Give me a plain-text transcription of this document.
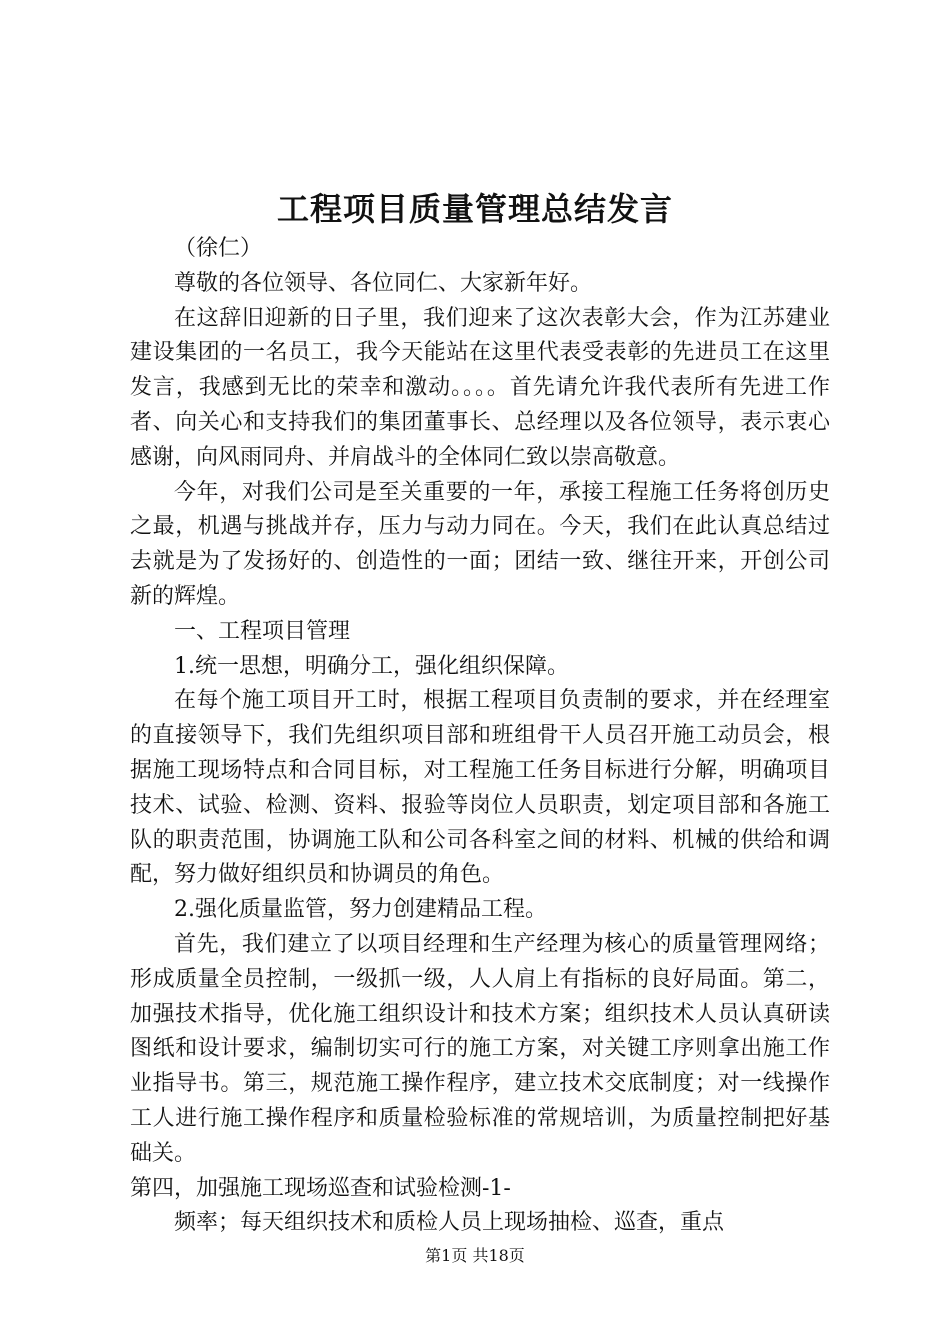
工程项目质量管理总结发言

（徐仁）

尊敬的各位领导、各位同仁、大家新年好。

在这辞旧迎新的日子里，我们迎来了这次表彰大会，作为江苏建业建设集团的一名员工，我今天能站在这里代表受表彰的先进员工在这里发言，我感到无比的荣幸和激动。。。。首先请允许我代表所有先进工作者、向关心和支持我们的集团董事长、总经理以及各位领导，表示衷心感谢，向风雨同舟、并肩战斗的全体同仁致以崇高敬意。

今年，对我们公司是至关重要的一年，承接工程施工任务将创历史之最，机遇与挑战并存，压力与动力同在。今天，我们在此认真总结过去就是为了发扬好的、创造性的一面；团结一致、继往开来，开创公司新的辉煌。

一、工程项目管理

1.统一思想，明确分工，强化组织保障。

在每个施工项目开工时，根据工程项目负责制的要求，并在经理室的直接领导下，我们先组织项目部和班组骨干人员召开施工动员会，根据施工现场特点和合同目标，对工程施工任务目标进行分解，明确项目技术、试验、检测、资料、报验等岗位人员职责，划定项目部和各施工队的职责范围，协调施工队和公司各科室之间的材料、机械的供给和调配，努力做好组织员和协调员的角色。

2.强化质量监管，努力创建精品工程。

首先，我们建立了以项目经理和生产经理为核心的质量管理网络；形成质量全员控制，一级抓一级，人人肩上有指标的良好局面。第二，加强技术指导，优化施工组织设计和技术方案；组织技术人员认真研读图纸和设计要求，编制切实可行的施工方案，对关键工序则拿出施工作业指导书。第三，规范施工操作程序，建立技术交底制度；对一线操作工人进行施工操作程序和质量检验标准的常规培训，为质量控制把好基础关。

第四，加强施工现场巡查和试验检测-1-

频率；每天组织技术和质检人员上现场抽检、巡查，重点

第1页 共18页
